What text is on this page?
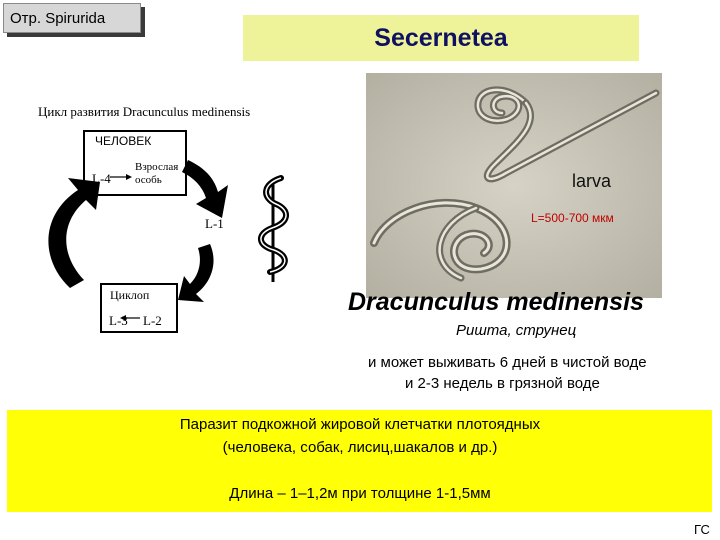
Отр. Spirurida
Secernetea
Цикл развития Dracunculus medinensis
ЧЕЛОВЕК
L-4
Взрослая особь
L-1
Циклоп
L-3 L-2
larva
L=500-700 мкм
Dracunculus medinensis
Ришта, струнец
и может выживать 6 дней в чистой воде
и 2-3 недель в грязной воде
Паразит подкожной жировой клетчатки плотоядных
(человека, собак, лисиц,шакалов и др.)
Длина – 1–1,2м при толщине 1-1,5мм
ГС
